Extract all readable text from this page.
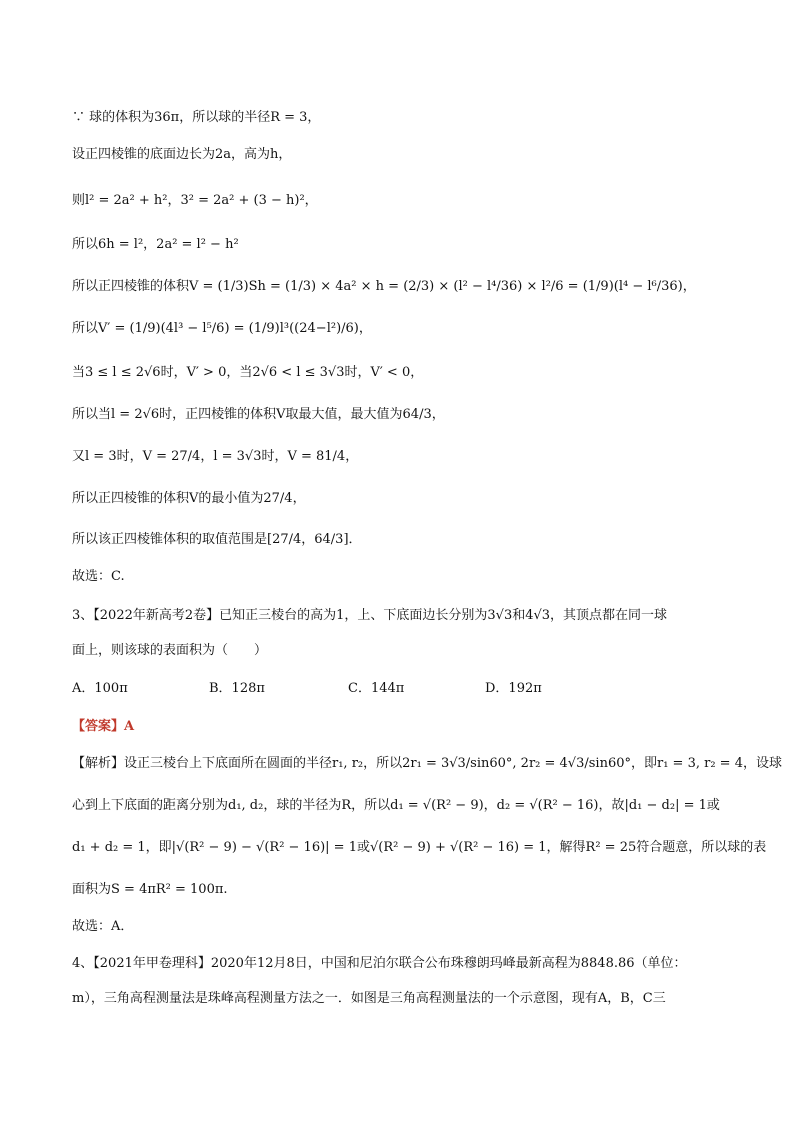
∵ 球的体积为36π，所以球的半径R = 3，
设正四棱锥的底面边长为2a，高为h，
则l² = 2a² + h²，3² = 2a² + (3 − h)²，
所以6h = l²，2a² = l² − h²
所以正四棱锥的体积V = (1/3)Sh = (1/3) × 4a² × h = (2/3) × (l² − l⁴/36) × l²/6 = (1/9)(l⁴ − l⁶/36)，
所以V′ = (1/9)(4l³ − l⁵/6) = (1/9)l³((24−l²)/6)，
当3 ≤ l ≤ 2√6时，V′ > 0，当2√6 < l ≤ 3√3时，V′ < 0，
所以当l = 2√6时，正四棱锥的体积V取最大值，最大值为64/3，
又l = 3时，V = 27/4，l = 3√3时，V = 81/4，
所以正四棱锥的体积V的最小值为27/4，
所以该正四棱锥体积的取值范围是[27/4，64/3]．
故选：C.
3、【2022年新高考2卷】已知正三棱台的高为1，上、下底面边长分别为3√3和4√3，其顶点都在同一球
面上，则该球的表面积为（　　）
A．100π	B．128π	C．144π	D．192π
【答案】A
【解析】设正三棱台上下底面所在圆面的半径r₁, r₂，所以2r₁ = 3√3/sin60°, 2r₂ = 4√3/sin60°，即r₁ = 3, r₂ = 4，设球
心到上下底面的距离分别为d₁, d₂，球的半径为R，所以d₁ = √(R² − 9)，d₂ = √(R² − 16)，故|d₁ − d₂| = 1或
d₁ + d₂ = 1，即|√(R² − 9) − √(R² − 16)| = 1或√(R² − 9) + √(R² − 16) = 1，解得R² = 25符合题意，所以球的表
面积为S = 4πR² = 100π.
故选：A．
4、【2021年甲卷理科】2020年12月8日，中国和尼泊尔联合公布珠穆朗玛峰最新高程为8848.86（单位：
m），三角高程测量法是珠峰高程测量方法之一．如图是三角高程测量法的一个示意图，现有A，B，C三
